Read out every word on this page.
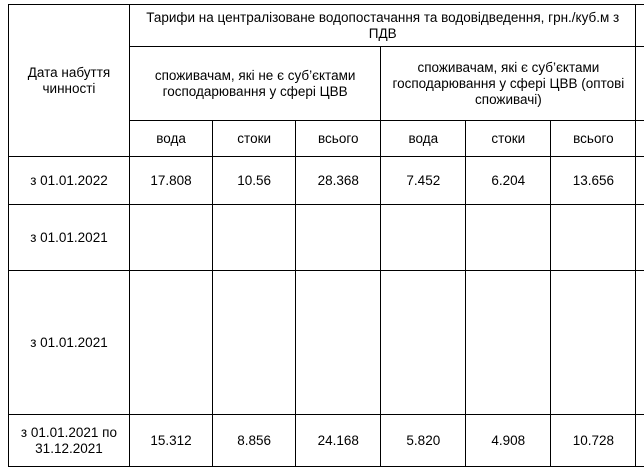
Дата набуття чинності	Тарифи на централізоване водопостачання та водовідведення, грн./куб.м з ПДВ						
	споживачам, які не є суб’єктами господарювання у сфері ЦВВ			споживачам, які є суб’єктами господарювання у сфері ЦВВ (оптові споживачі)			
	вода	стоки	всього	вода	стоки	всього	
з 01.01.2022	17.808	10.56	28.368	7.452	6.204	13.656	
з 01.01.2021							
з 01.01.2021							
з 01.01.2021 по 31.12.2021	15.312	8.856	24.168	5.820	4.908	10.728	
